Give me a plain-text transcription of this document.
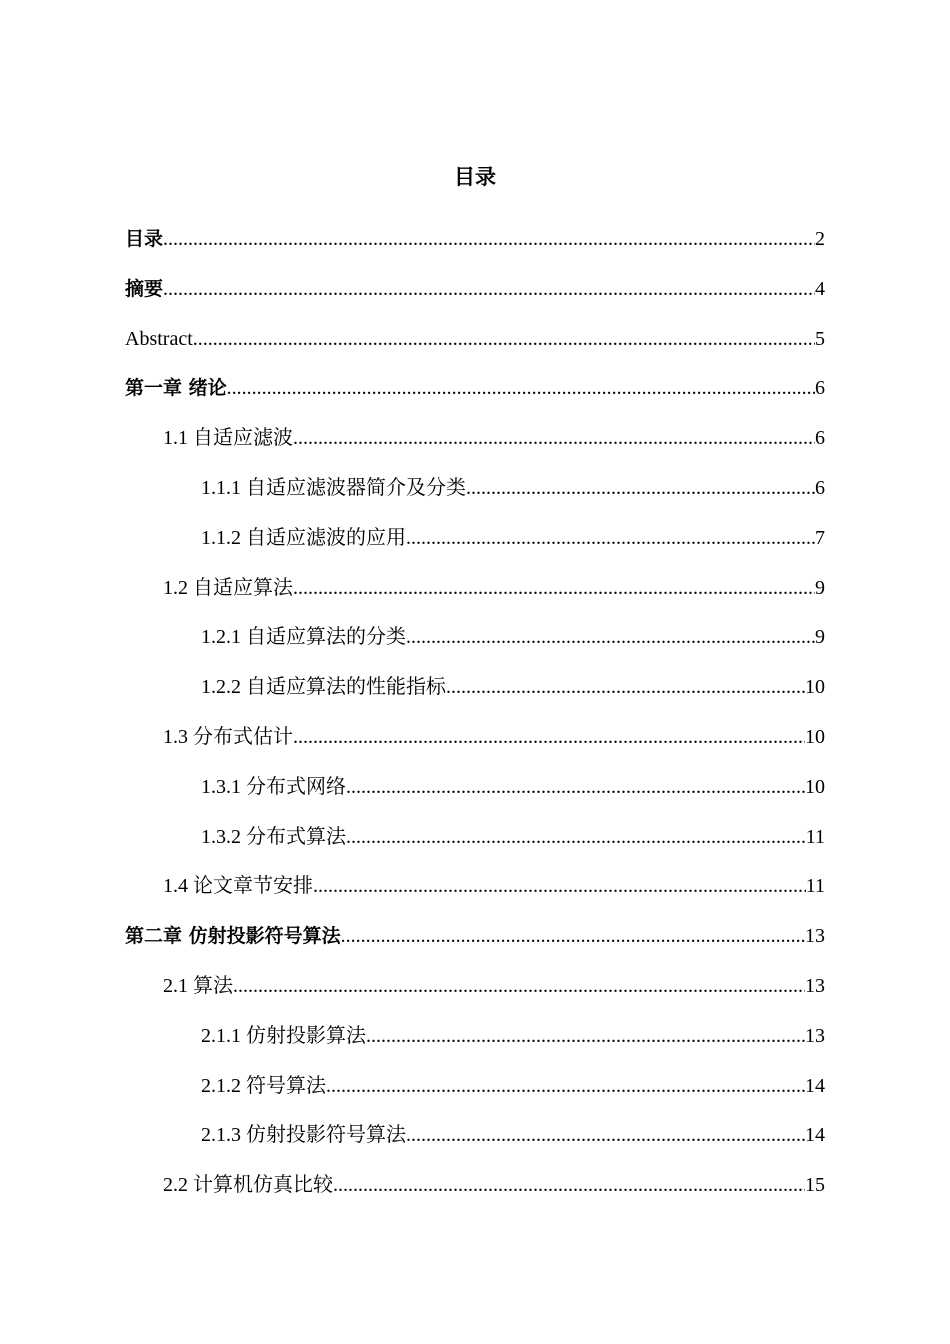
目录
目录 .....	2
摘要 .....	4
Abstract .....	5
第一章 绪论 .....	6
1.1 自适应滤波 .....	6
1.1.1 自适应滤波器简介及分类 .....	6
1.1.2 自适应滤波的应用 .....	7
1.2 自适应算法 .....	9
1.2.1 自适应算法的分类 .....	9
1.2.2 自适应算法的性能指标 .....	10
1.3 分布式估计 .....	10
1.3.1 分布式网络 .....	10
1.3.2 分布式算法 .....	11
1.4 论文章节安排 .....	11
第二章 仿射投影符号算法 .....	13
2.1 算法 .....	13
2.1.1 仿射投影算法 .....	13
2.1.2 符号算法 .....	14
2.1.3 仿射投影符号算法 .....	14
2.2 计算机仿真比较 .....	15
